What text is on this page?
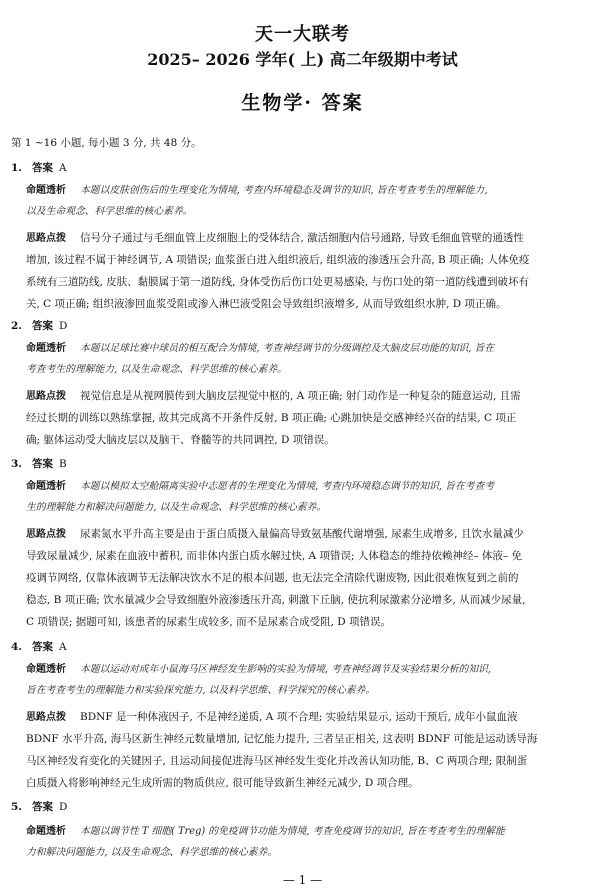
天一大联考
2025– 2026 学年( 上) 高二年级期中考试
生物学· 答案

第 1 ~16 小题, 每小题 3 分, 共 48 分。

1. 答案 A

命题透析 本题以皮肤创伤后的生理变化为情境, 考查内环境稳态及调节的知识, 旨在考查考生的理解能力,

以及生命观念、科学思维的核心素养。

思路点拨 信号分子通过与毛细血管上皮细胞上的受体结合, 激活细胞内信号通路, 导致毛细血管壁的通透性

增加, 该过程不属于神经调节, A 项错误; 血浆蛋白进入组织液后, 组织液的渗透压会升高, B 项正确; 人体免疫

系统有三道防线, 皮肤、黏膜属于第一道防线, 身体受伤后伤口处更易感染, 与伤口处的第一道防线遭到破坏有

关, C 项正确; 组织液渗回血浆受阻或渗入淋巴液受阻会导致组织液增多, 从而导致组织水肿, D 项正确。

2. 答案 D

命题透析 本题以足球比赛中球员的相互配合为情境, 考查神经调节的分级调控及大脑皮层功能的知识, 旨在

考查考生的理解能力, 以及生命观念、科学思维的核心素养。

思路点拨 视觉信息是从视网膜传到大脑皮层视觉中枢的, A 项正确; 射门动作是一种复杂的随意运动, 且需

经过长期的训练以熟练掌握, 故其完成离不开条件反射, B 项正确; 心跳加快是交感神经兴奋的结果, C 项正

确; 躯体运动受大脑皮层以及脑干、脊髓等的共同调控, D 项错误。

3. 答案 B

命题透析 本题以模拟太空舱隔离实验中志愿者的生理变化为情境, 考查内环境稳态调节的知识, 旨在考查考

生的理解能力和解决问题能力, 以及生命观念、科学思维的核心素养。

思路点拨 尿素氮水平升高主要是由于蛋白质摄入量偏高导致氨基酸代谢增强, 尿素生成增多, 且饮水量减少

导致尿量减少, 尿素在血液中蓄积, 而非体内蛋白质水解过快, A 项错误; 人体稳态的维持依赖神经– 体液– 免

疫调节网络, 仅靠体液调节无法解决饮水不足的根本问题, 也无法完全清除代谢废物, 因此很难恢复到之前的

稳态, B 项正确; 饮水量减少会导致细胞外液渗透压升高, 刺激下丘脑, 使抗利尿激素分泌增多, 从而减少尿量,

C 项错误; 据题可知, 该患者的尿素生成较多, 而不是尿素合成受阻, D 项错误。

4. 答案 A

命题透析 本题以运动对成年小鼠海马区神经发生影响的实验为情境, 考查神经调节及实验结果分析的知识,

旨在考查考生的理解能力和实验探究能力, 以及科学思维、科学探究的核心素养。

思路点拨 BDNF 是一种体液因子, 不是神经递质, A 项不合理; 实验结果显示, 运动干预后, 成年小鼠血液

BDNF 水平升高, 海马区新生神经元数量增加, 记忆能力提升, 三者呈正相关, 这表明 BDNF 可能是运动诱导海

马区神经发育变化的关键因子, 且运动间接促进海马区神经发生变化并改善认知功能, B、C 两项合理; 限制蛋

白质摄入将影响神经元生成所需的物质供应, 很可能导致新生神经元减少, D 项合理。

5. 答案 D

命题透析 本题以调节性 T 细胞( Treg) 的免疫调节功能为情境, 考查免疫调节的知识, 旨在考查考生的理解能

力和解决问题能力, 以及生命观念、科学思维的核心素养。

— 1 —
